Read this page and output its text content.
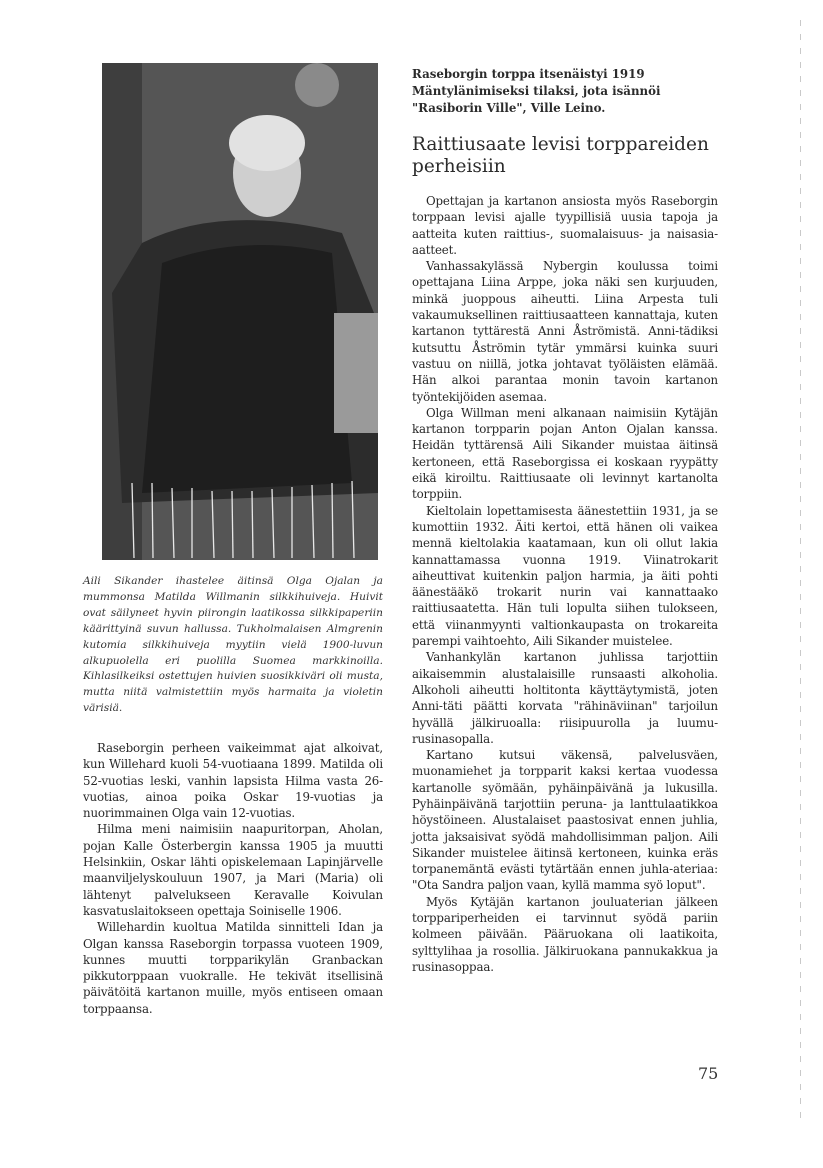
Aili Sikander ihastelee äitinsä Olga Ojalan ja mummonsa Matilda Willmanin silkkihuiveja. Huivit ovat säilyneet hyvin piirongin laatikossa silkkipaperiin käärittyinä suvun hallussa. Tukholmalaisen Almgrenin kutomia silkkihuiveja myytiin vielä 1900-luvun alkupuolella eri puolilla Suomea markkinoilla. Kihlasilkeiksi ostettujen huivien suosikkiväri oli musta, mutta niitä valmistettiin myös harmaita ja violetin värisiä.

Raseborgin perheen vaikeimmat ajat alkoivat, kun Willehard kuoli 54-vuotiaana 1899. Matilda oli 52-vuotias leski, vanhin lapsista Hilma vasta 26-vuotias, ainoa poika Oskar 19-vuotias ja nuorimmainen Olga vain 12-vuotias.

Hilma meni naimisiin naapuritorpan, Aholan, pojan Kalle Österbergin kanssa 1905 ja muutti Helsinkiin, Oskar lähti opiskelemaan Lapinjärvelle maanviljelyskouluun 1907, ja Mari (Maria) oli lähtenyt palvelukseen Keravalle Koivulan kasvatuslaitokseen opettaja Soiniselle 1906.

Willehardin kuoltua Matilda sinnitteli Idan ja Olgan kanssa Raseborgin torpassa vuoteen 1909, kunnes muutti torpparikylän Granbackan pikkutorppaan vuokralle. He tekivät itsellisinä päivätöitä kartanon muille, myös entiseen omaan torppaansa.

Raseborgin torppa itsenäistyi 1919 Mäntylänimiseksi tilaksi, jota isännöi "Rasiborin Ville", Ville Leino.

Raittiusaate levisi torppareiden perheisiin

Opettajan ja kartanon ansiosta myös Raseborgin torppaan levisi ajalle tyypillisiä uusia tapoja ja aatteita kuten raittius-, suomalaisuus- ja naisasia-aatteet.

Vanhassakylässä Nybergin koulussa toimi opettajana Liina Arppe, joka näki sen kurjuuden, minkä juoppous aiheutti. Liina Arpesta tuli vakaumuksellinen raittiusaatteen kannattaja, kuten kartanon tyttärestä Anni Åströmistä. Anni-tädiksi kutsuttu Åströmin tytär ymmärsi kuinka suuri vastuu on niillä, jotka johtavat työläisten elämää. Hän alkoi parantaa monin tavoin kartanon työntekijöiden asemaa.

Olga Willman meni alkanaan naimisiin Kytäjän kartanon torpparin pojan Anton Ojalan kanssa. Heidän tyttärensä Aili Sikander muistaa äitinsä kertoneen, että Raseborgissa ei koskaan ryypätty eikä kiroiltu. Raittiusaate oli levinnyt kartanolta torppiin.

Kieltolain lopettamisesta äänestettiin 1931, ja se kumottiin 1932. Äiti kertoi, että hänen oli vaikea mennä kieltolakia kaatamaan, kun oli ollut lakia kannattamassa vuonna 1919. Viinatrokarit aiheuttivat kuitenkin paljon harmia, ja äiti pohti äänestääkö trokarit nurin vai kannattaako raittiusaatetta. Hän tuli lopulta siihen tulokseen, että viinanmyynti valtionkaupasta on trokareita parempi vaihtoehto, Aili Sikander muistelee.

Vanhankylän kartanon juhlissa tarjottiin aikaisemmin alustalaisille runsaasti alkoholia. Alkoholi aiheutti holtitonta käyttäytymistä, joten Anni-täti päätti korvata "rähinäviinan" tarjoilun hyvällä jälkiruoalla: riisipuurolla ja luumu-rusinasopalla.

Kartano kutsui väkensä, palvelusväen, muonamiehet ja torpparit kaksi kertaa vuodessa kartanolle syömään, pyhäinpäivänä ja lukusilla. Pyhäinpäivänä tarjottiin peruna- ja lanttulaatikkoa höystöineen. Alustalaiset paastosivat ennen juhlia, jotta jaksaisivat syödä mahdollisimman paljon. Aili Sikander muistelee äitinsä kertoneen, kuinka eräs torpanemäntä evästi tytärtään ennen juhla-ateriaa: "Ota Sandra paljon vaan, kyllä mamma syö loput".

Myös Kytäjän kartanon jouluaterian jälkeen torppariperheiden ei tarvinnut syödä pariin kolmeen päivään. Pääruokana oli laatikoita, sylttylihaa ja rosollia. Jälkiruokana pannukakkua ja rusinasoppaa.

75
